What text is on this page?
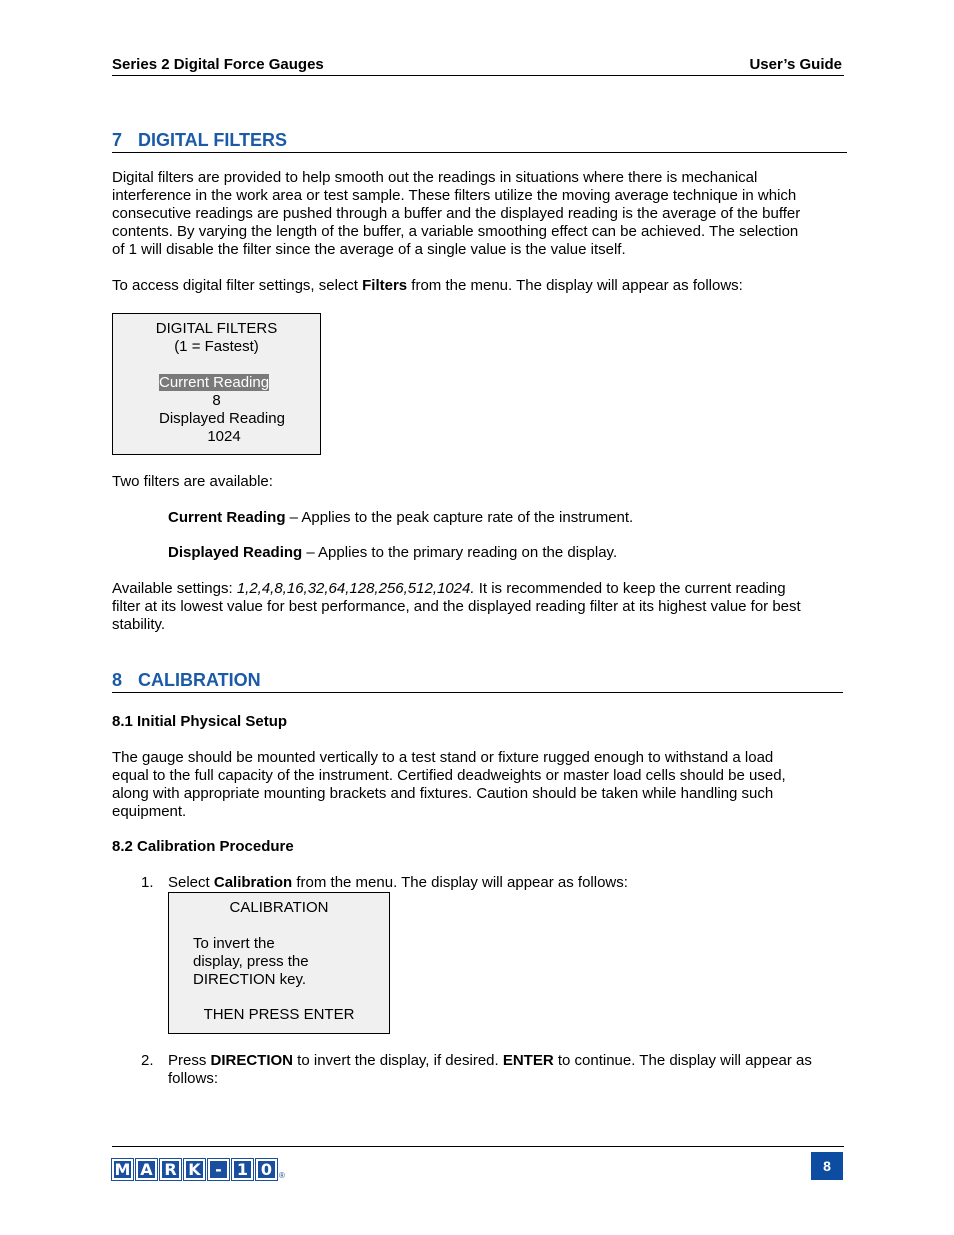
Series 2 Digital Force Gauges	User’s Guide
7 DIGITAL FILTERS
Digital filters are provided to help smooth out the readings in situations where there is mechanical
interference in the work area or test sample. These filters utilize the moving average technique in which
consecutive readings are pushed through a buffer and the displayed reading is the average of the buffer
contents. By varying the length of the buffer, a variable smoothing effect can be achieved. The selection
of 1 will disable the filter since the average of a single value is the value itself.
To access digital filter settings, select Filters from the menu. The display will appear as follows:
DIGITAL FILTERS
(1 = Fastest)
Current Reading
8
Displayed Reading
1024
Two filters are available:
Current Reading – Applies to the peak capture rate of the instrument.
Displayed Reading – Applies to the primary reading on the display.
Available settings: 1,2,4,8,16,32,64,128,256,512,1024. It is recommended to keep the current reading
filter at its lowest value for best performance, and the displayed reading filter at its highest value for best
stability.
8 CALIBRATION
8.1 Initial Physical Setup
The gauge should be mounted vertically to a test stand or fixture rugged enough to withstand a load
equal to the full capacity of the instrument. Certified deadweights or master load cells should be used,
along with appropriate mounting brackets and fixtures. Caution should be taken while handling such
equipment.
8.2 Calibration Procedure
1. Select Calibration from the menu. The display will appear as follows:
CALIBRATION
To invert the
display, press the
DIRECTION key.
THEN PRESS ENTER
2. Press DIRECTION to invert the display, if desired. ENTER to continue. The display will appear as
follows:
M A R K - 1 0 ®
8
